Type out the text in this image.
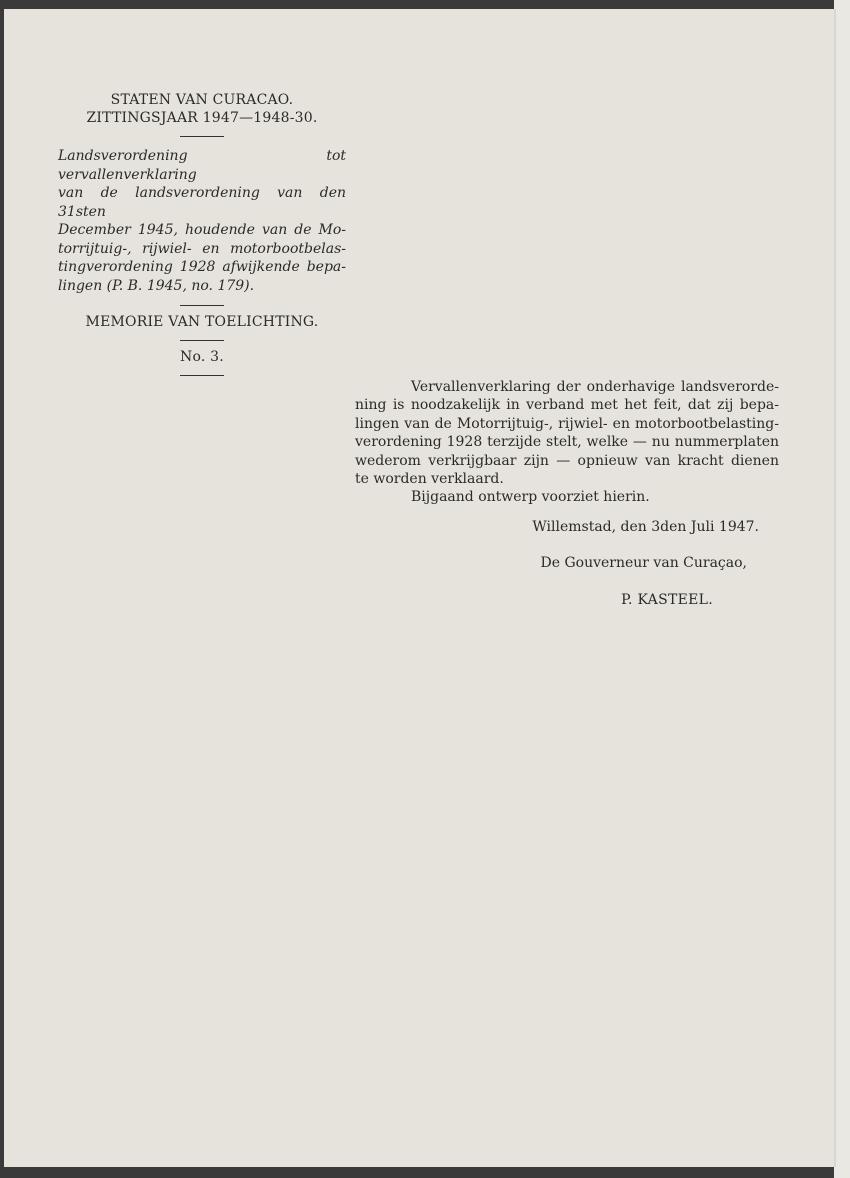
STATEN VAN CURACAO.
ZITTINGSJAAR 1947—1948-30.
Landsverordening tot vervallenverklaring
van de landsverordening van den 31sten
December 1945, houdende van de Mo-
torrijtuig-, rijwiel- en motorbootbelas-
tingverordening 1928 afwijkende bepa-
lingen (P. B. 1945, no. 179).
MEMORIE VAN TOELICHTING.
No. 3.
Vervallenverklaring der onderhavige landsverorde-
ning is noodzakelijk in verband met het feit, dat zij bepa-
lingen van de Motorrijtuig-, rijwiel- en motorbootbelasting-
verordening 1928 terzijde stelt, welke — nu nummerplaten
wederom verkrijgbaar zijn — opnieuw van kracht dienen
te worden verklaard.
Bijgaand ontwerp voorziet hierin.
Willemstad, den 3den Juli 1947.
De Gouverneur van Curaçao,
P. KASTEEL.
